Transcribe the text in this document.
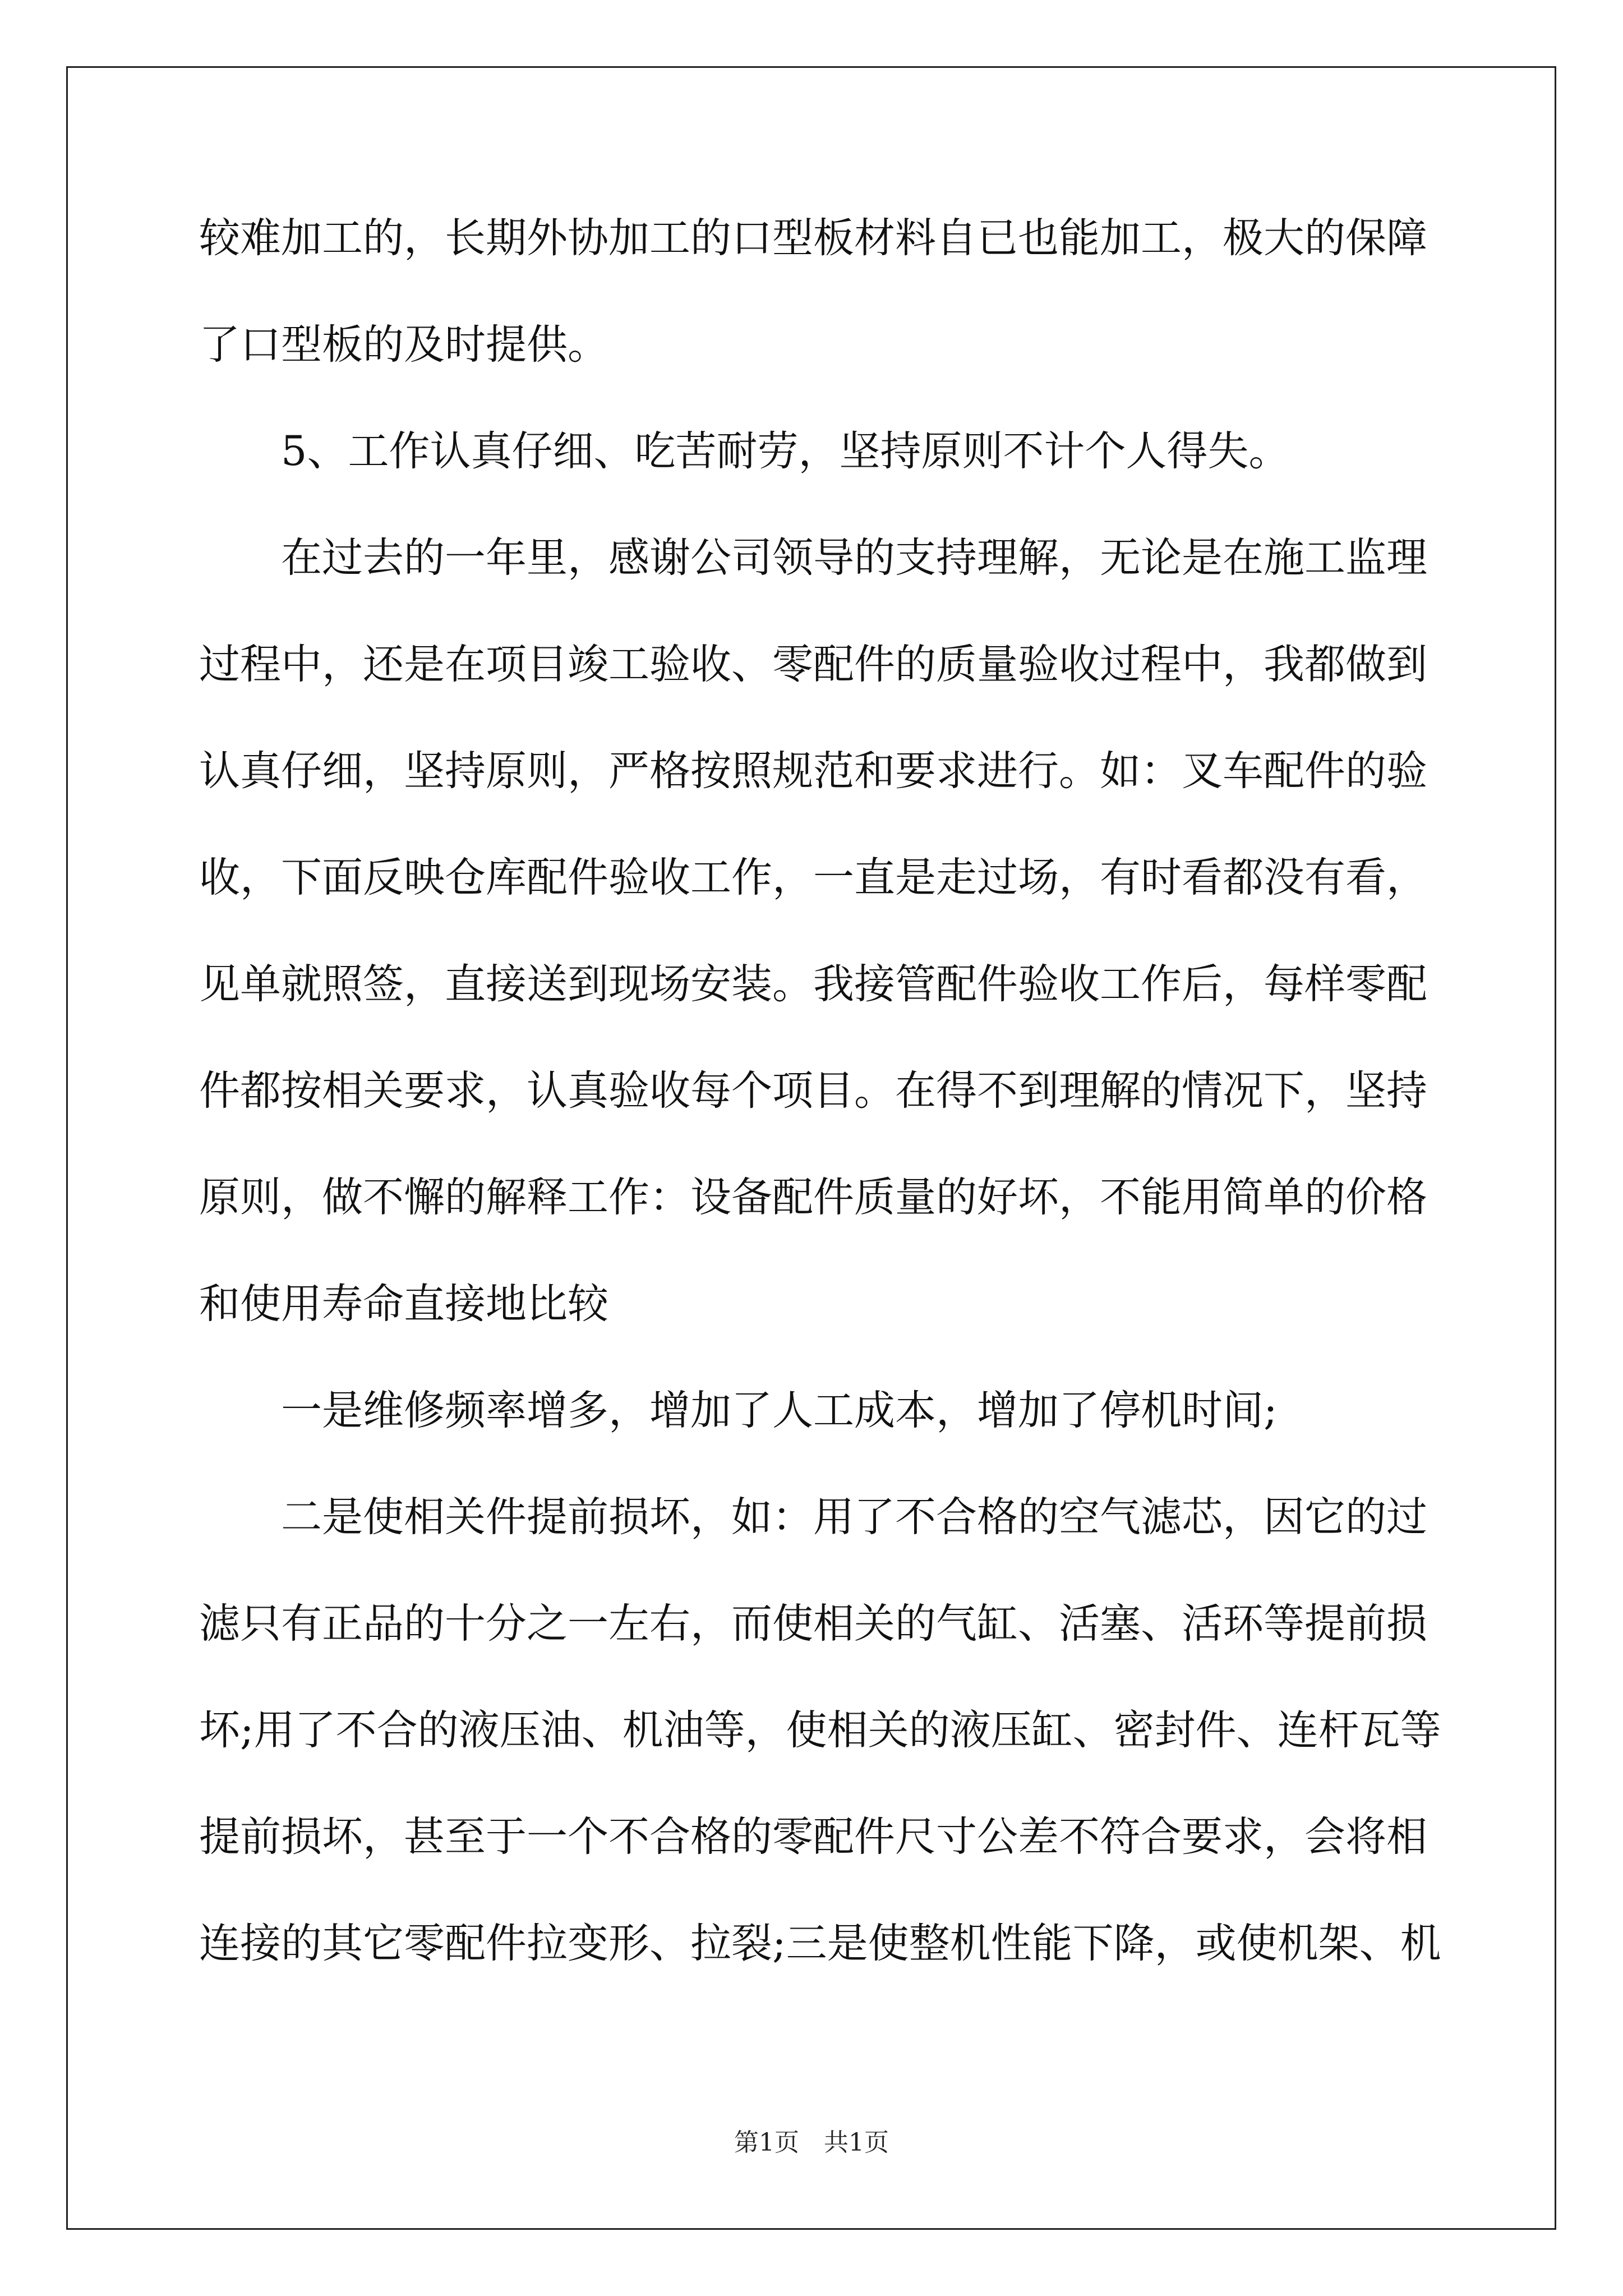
较难加工的，长期外协加工的口型板材料自已也能加工，极大的保障
了口型板的及时提供。
5、工作认真仔细、吃苦耐劳，坚持原则不计个人得失。
在过去的一年里，感谢公司领导的支持理解，无论是在施工监理
过程中，还是在项目竣工验收、零配件的质量验收过程中，我都做到
认真仔细，坚持原则，严格按照规范和要求进行。如：叉车配件的验
收，下面反映仓库配件验收工作，一直是走过场，有时看都没有看，
见单就照签，直接送到现场安装。我接管配件验收工作后，每样零配
件都按相关要求，认真验收每个项目。在得不到理解的情况下，坚持
原则，做不懈的解释工作：设备配件质量的好坏，不能用简单的价格
和使用寿命直接地比较
一是维修频率增多，增加了人工成本，增加了停机时间;
二是使相关件提前损坏，如：用了不合格的空气滤芯，因它的过
滤只有正品的十分之一左右，而使相关的气缸、活塞、活环等提前损
坏;用了不合的液压油、机油等，使相关的液压缸、密封件、连杆瓦等
提前损坏，甚至于一个不合格的零配件尺寸公差不符合要求，会将相
连接的其它零配件拉变形、拉裂;三是使整机性能下降，或使机架、机
第1页　共1页
